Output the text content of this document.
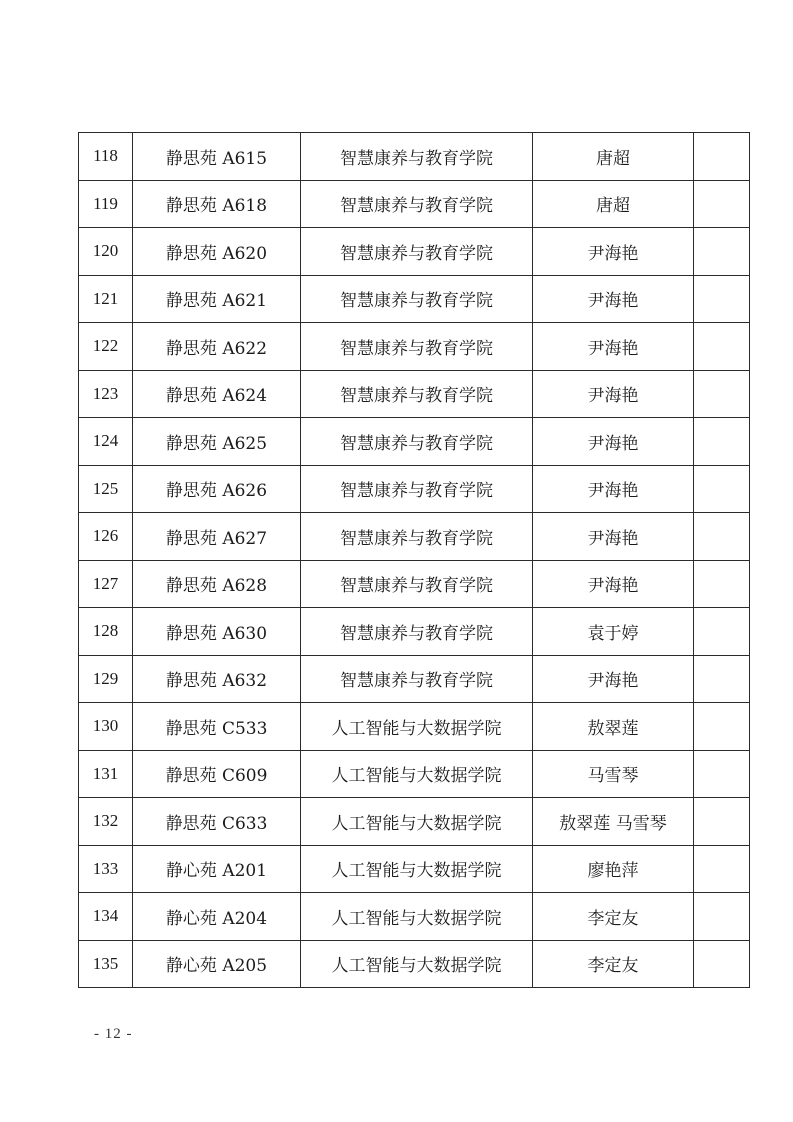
118	静思苑 A615	智慧康养与教育学院	唐超	
119	静思苑 A618	智慧康养与教育学院	唐超	
120	静思苑 A620	智慧康养与教育学院	尹海艳	
121	静思苑 A621	智慧康养与教育学院	尹海艳	
122	静思苑 A622	智慧康养与教育学院	尹海艳	
123	静思苑 A624	智慧康养与教育学院	尹海艳	
124	静思苑 A625	智慧康养与教育学院	尹海艳	
125	静思苑 A626	智慧康养与教育学院	尹海艳	
126	静思苑 A627	智慧康养与教育学院	尹海艳	
127	静思苑 A628	智慧康养与教育学院	尹海艳	
128	静思苑 A630	智慧康养与教育学院	袁于婷	
129	静思苑 A632	智慧康养与教育学院	尹海艳	
130	静思苑 C533	人工智能与大数据学院	敖翠莲	
131	静思苑 C609	人工智能与大数据学院	马雪琴	
132	静思苑 C633	人工智能与大数据学院	敖翠莲 马雪琴	
133	静心苑 A201	人工智能与大数据学院	廖艳萍	
134	静心苑 A204	人工智能与大数据学院	李定友	
135	静心苑 A205	人工智能与大数据学院	李定友	
- 12 -
